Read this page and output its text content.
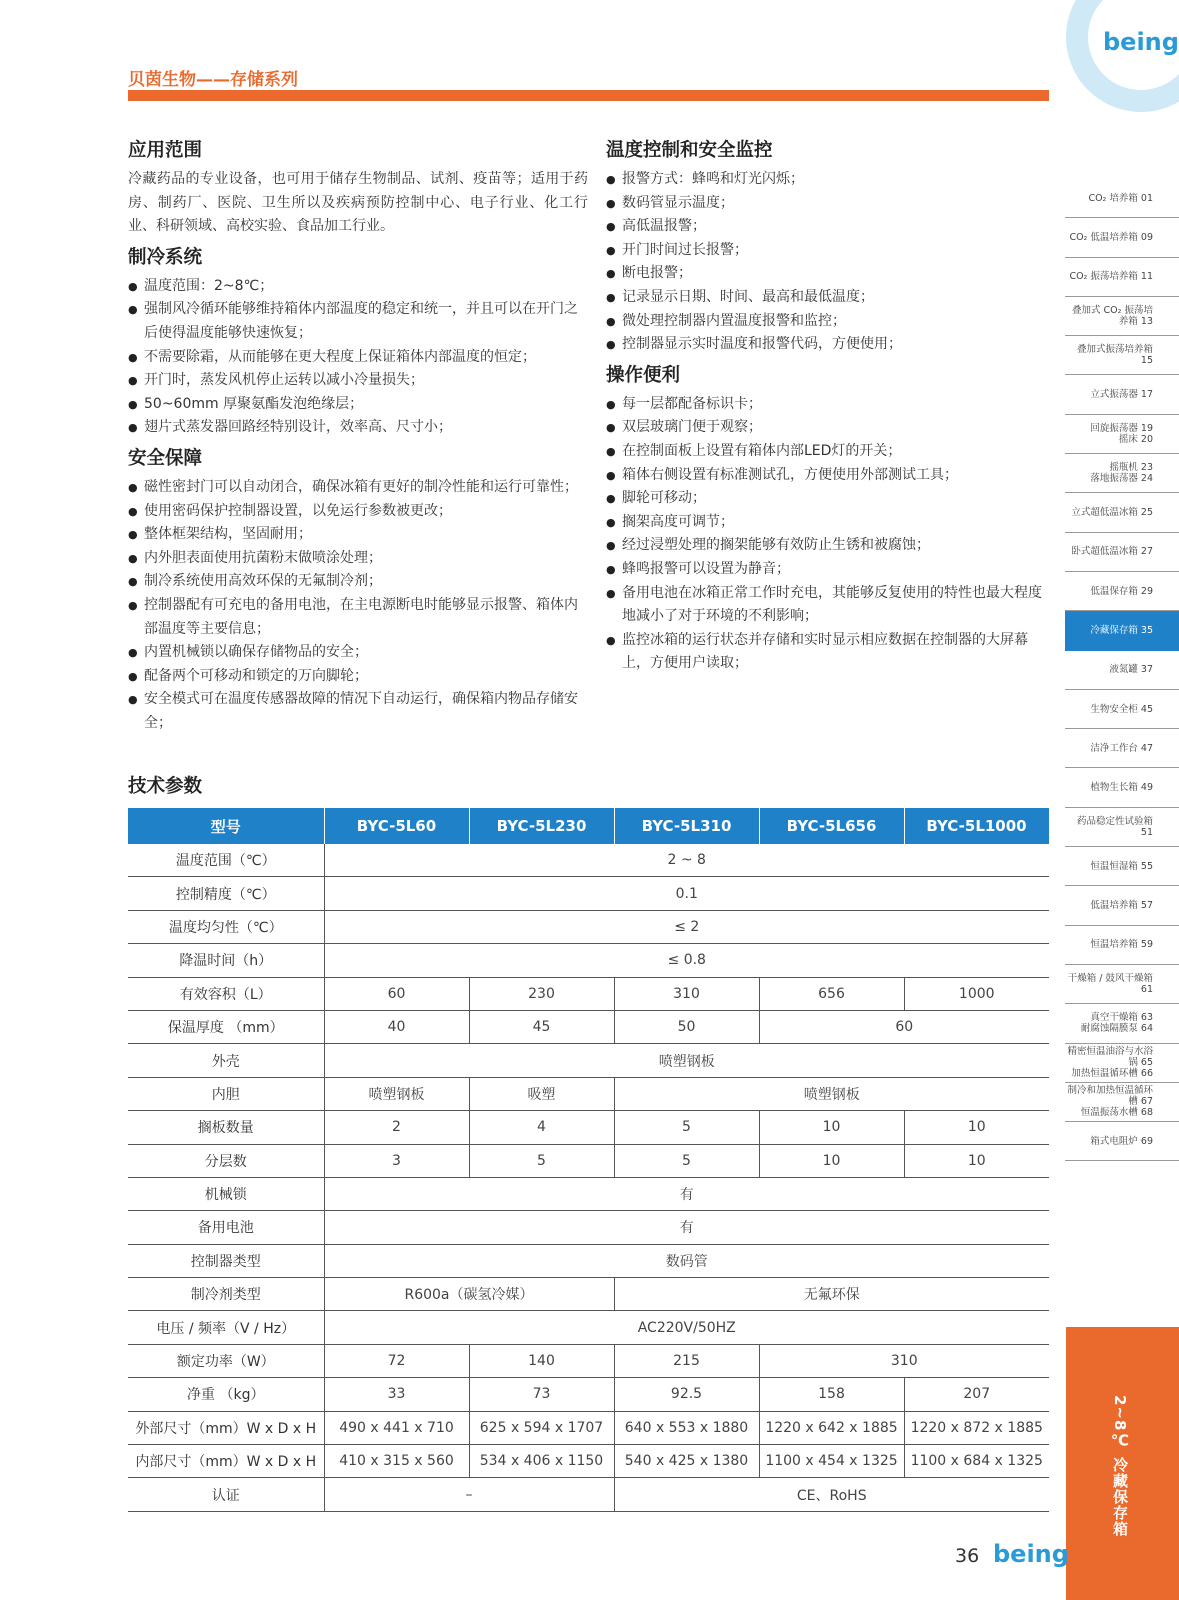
being
贝茵生物——存储系列
应用范围

冷藏药品的专业设备，也可用于储存生物制品、试剂、疫苗等；适用于药房、制药厂、医院、卫生所以及疾病预防控制中心、电子行业、化工行业、科研领域、高校实验、食品加工行业。

制冷系统
● 温度范围：2~8℃；
● 强制风冷循环能够维持箱体内部温度的稳定和统一，并且可以在开门之后使得温度能够快速恢复；
● 不需要除霜，从而能够在更大程度上保证箱体内部温度的恒定；
● 开门时，蒸发风机停止运转以减小冷量损失；
● 50~60mm 厚聚氨酯发泡绝缘层；
● 翅片式蒸发器回路经特别设计，效率高、尺寸小；
安全保障
● 磁性密封门可以自动闭合，确保冰箱有更好的制冷性能和运行可靠性；
● 使用密码保护控制器设置，以免运行参数被更改；
● 整体框架结构，坚固耐用；
● 内外胆表面使用抗菌粉末做喷涂处理；
● 制冷系统使用高效环保的无氟制冷剂；
● 控制器配有可充电的备用电池，在主电源断电时能够显示报警、箱体内部温度等主要信息；
● 内置机械锁以确保存储物品的安全；
● 配备两个可移动和锁定的万向脚轮；
● 安全模式可在温度传感器故障的情况下自动运行，确保箱内物品存储安全；
温度控制和安全监控
● 报警方式：蜂鸣和灯光闪烁；
● 数码管显示温度；
● 高低温报警；
● 开门时间过长报警；
● 断电报警；
● 记录显示日期、时间、最高和最低温度；
● 微处理控制器内置温度报警和监控；
● 控制器显示实时温度和报警代码，方便使用；
操作便利
● 每一层都配备标识卡；
● 双层玻璃门便于观察；
● 在控制面板上设置有箱体内部LED灯的开关；
● 箱体右侧设置有标准测试孔，方便使用外部测试工具；
● 脚轮可移动；
● 搁架高度可调节；
● 经过浸塑处理的搁架能够有效防止生锈和被腐蚀；
● 蜂鸣报警可以设置为静音；
● 备用电池在冰箱正常工作时充电，其能够反复使用的特性也最大程度地减小了对于环境的不利影响；
● 监控冰箱的运行状态并存储和实时显示相应数据在控制器的大屏幕上，方便用户读取；
技术参数
型号	BYC-5L60	BYC-5L230	BYC-5L310	BYC-5L656	BYC-5L1000
温度范围（℃）	2 ~ 8				
控制精度（℃）	0.1				
温度均匀性（℃）	≤ 2				
降温时间（h）	≤ 0.8				
有效容积（L）	60	230	310	656	1000
保温厚度 （mm）	40	45	50	60	
外壳	喷塑钢板				
内胆	喷塑钢板	吸塑	喷塑钢板		
搁板数量	2	4	5	10	10
分层数	3	5	5	10	10
机械锁	有				
备用电池	有				
控制器类型	数码管				
制冷剂类型	R600a（碳氢冷媒）		无氟环保		
电压 / 频率（V / Hz）	AC220V/50HZ				
额定功率（W）	72	140	215	310	
净重 （kg）	33	73	92.5	158	207
外部尺寸（mm）W x D x H	490 x 441 x 710	625 x 594 x 1707	640 x 553 x 1880	1220 x 642 x 1885	1220 x 872 x 1885
内部尺寸（mm）W x D x H	410 x 315 x 560	534 x 406 x 1150	540 x 425 x 1380	1100 x 454 x 1325	1100 x 684 x 1325
认证	–		CE、RoHS		
CO₂ 培养箱 01
CO₂ 低温培养箱 09
CO₂ 振荡培养箱 11
叠加式 CO₂ 振荡培养箱 13
叠加式振荡培养箱 15
立式振荡器 17
回旋振荡器 19
摇床 20
摇瓶机 23
落地振荡器 24
立式超低温冰箱 25
卧式超低温冰箱 27
低温保存箱 29
冷藏保存箱 35
液氮罐 37
生物安全柜 45
洁净工作台 47
植物生长箱 49
药品稳定性试验箱 51
恒温恒湿箱 55
低温培养箱 57
恒温培养箱 59
干燥箱 / 鼓风干燥箱 61
真空干燥箱 63
耐腐蚀隔膜泵 64
精密恒温油浴与水浴锅 65
加热恒温循环槽 66
制冷和加热恒温循环槽 67
恒温振荡水槽 68
箱式电阻炉 69
2~8℃ 冷藏保存箱
36 being
